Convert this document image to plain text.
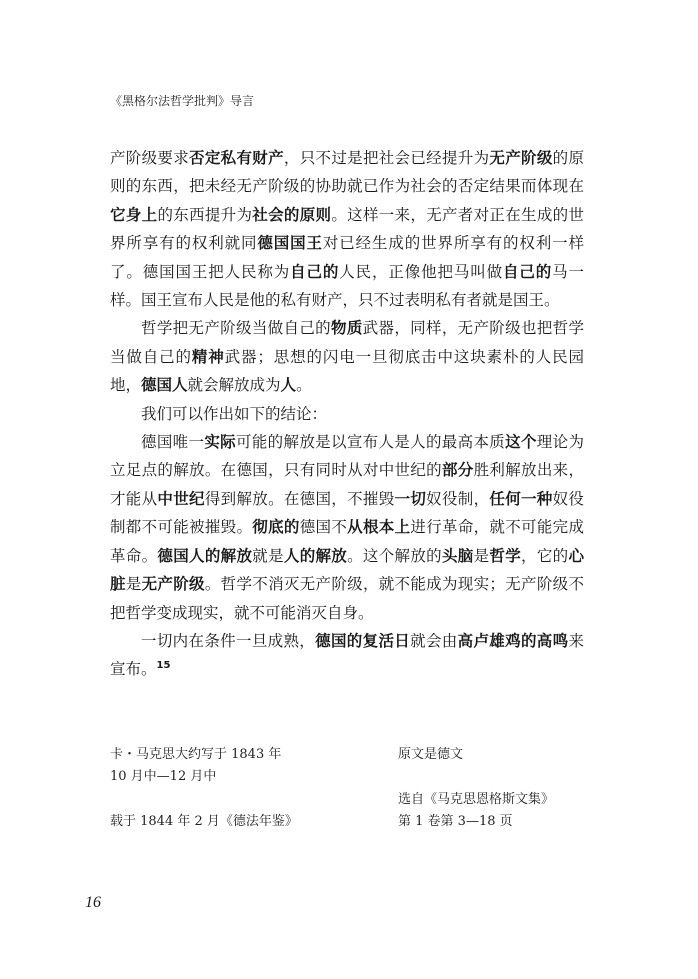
《黑格尔法哲学批判》导言

产阶级要求否定私有财产，只不过是把社会已经提升为无产阶级的原则的东西，把未经无产阶级的协助就已作为社会的否定结果而体现在它身上的东西提升为社会的原则。这样一来，无产者对正在生成的世界所享有的权利就同德国国王对已经生成的世界所享有的权利一样了。德国国王把人民称为自己的人民，正像他把马叫做自己的马一样。国王宣布人民是他的私有财产，只不过表明私有者就是国王。

哲学把无产阶级当做自己的物质武器，同样，无产阶级也把哲学当做自己的精神武器；思想的闪电一旦彻底击中这块素朴的人民园地，德国人就会解放成为人。

我们可以作出如下的结论：

德国唯一实际可能的解放是以宣布人是人的最高本质这个理论为立足点的解放。在德国，只有同时从对中世纪的部分胜利解放出来，才能从中世纪得到解放。在德国，不摧毁一切奴役制，任何一种奴役制都不可能被摧毁。彻底的德国不从根本上进行革命，就不可能完成革命。德国人的解放就是人的解放。这个解放的头脑是哲学，它的心脏是无产阶级。哲学不消灭无产阶级，就不能成为现实；无产阶级不把哲学变成现实，就不可能消灭自身。

一切内在条件一旦成熟，德国的复活日就会由高卢雄鸡的高鸣来宣布。$^{15}$

卡・马克思大约写于 1843 年
10 月中—12 月中
载于 1844 年 2 月《德法年鉴》
原文是德文
选自《马克思恩格斯文集》
第 1 卷第 3—18 页
16
